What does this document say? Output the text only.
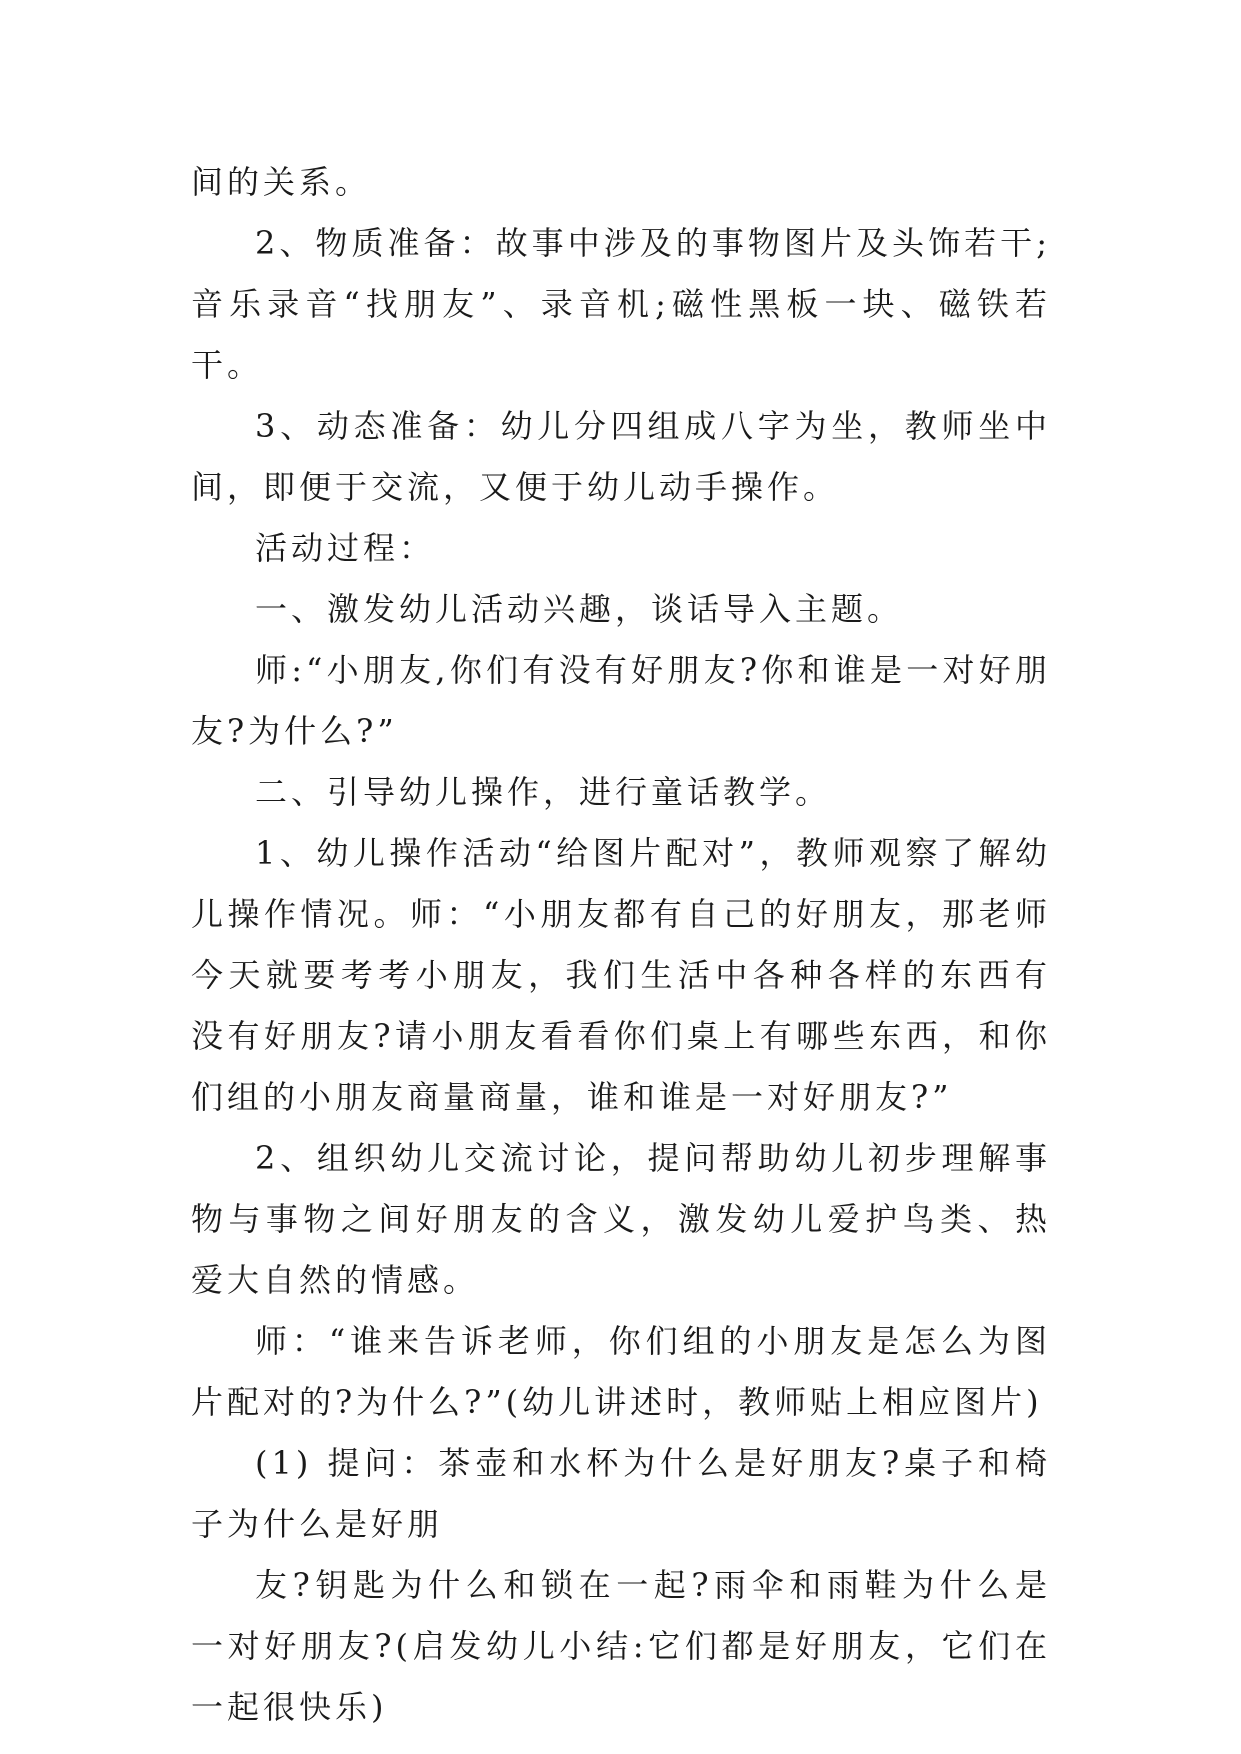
间的关系。

2、物质准备：故事中涉及的事物图片及头饰若干;音乐录音“找朋友”、录音机;磁性黑板一块、磁铁若干。

3、动态准备：幼儿分四组成八字为坐，教师坐中间，即便于交流，又便于幼儿动手操作。

活动过程：

一、激发幼儿活动兴趣，谈话导入主题。

师:“小朋友,你们有没有好朋友?你和谁是一对好朋友?为什么?”

二、引导幼儿操作，进行童话教学。

1、幼儿操作活动“给图片配对”，教师观察了解幼儿操作情况。师：“小朋友都有自己的好朋友，那老师今天就要考考小朋友，我们生活中各种各样的东西有没有好朋友?请小朋友看看你们桌上有哪些东西，和你们组的小朋友商量商量，谁和谁是一对好朋友?”

2、组织幼儿交流讨论，提问帮助幼儿初步理解事物与事物之间好朋友的含义，激发幼儿爱护鸟类、热爱大自然的情感。

师：“谁来告诉老师，你们组的小朋友是怎么为图片配对的?为什么?”(幼儿讲述时，教师贴上相应图片)

(1) 提问：茶壶和水杯为什么是好朋友?桌子和椅子为什么是好朋

友?钥匙为什么和锁在一起?雨伞和雨鞋为什么是一对好朋友?(启发幼儿小结:它们都是好朋友，它们在一起很快乐)
